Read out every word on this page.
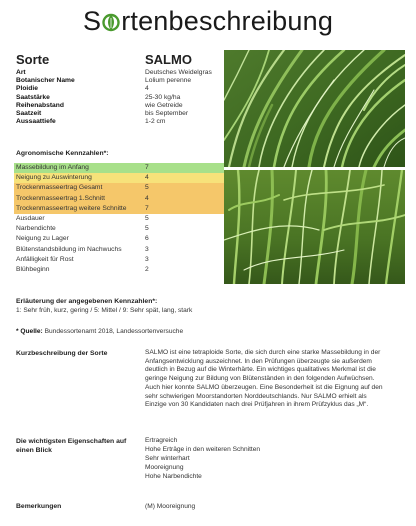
S rtenbeschreibung
Sorte	SALMO
Art	Deutsches Weidelgras
Botanischer Name	Lolium perenne
Ploidie	4
Saatstärke	25-30 kg/ha
Reihenabstand	wie Getreide
Saatzeit	bis September
Aussaattiefe	1-2 cm
Agronomische Kennzahlen*:
Massebildung im Anfang	7
Neigung zu Auswinterung	4
Trockenmasseertrag Gesamt	5
Trockenmasseertrag 1.Schnitt	4
Trockenmasseertrag weitere Schnitte	7
Ausdauer	5
Narbendichte	5
Neigung zu Lager	6
Blütenstandsbildung im Nachwuchs	3
Anfälligkeit für Rost	3
Blühbeginn	2
Erläuterung der angegebenen Kennzahlen*:
1: Sehr früh, kurz, gering / 5: Mittel / 9: Sehr spät, lang, stark
* Quelle: Bundessortenamt 2018, Landessortenversuche
Kurzbeschreibung der Sorte	SALMO ist eine tetraploide Sorte, die sich durch eine starke Massebildung in der
Anfangsentwicklung auszeichnet. In den Prüfungen überzeugte sie außerdem
deutlich in Bezug auf die Winterhärte. Ein wichtiges qualitatives Merkmal ist die
geringe Neigung zur Bildung von Blütenständen in den folgenden Aufwüchsen.
Auch hier konnte SALMO überzeugen. Eine Besonderheit ist die Eignung auf den
sehr schwierigen Moorstandorten Norddeutschlands. Nur SALMO erhielt als
Einzige von 30 Kandidaten nach drei Prüfjahren in ihrem Prüfzyklus das „M“.
Die wichtigsten Eigenschaften auf einen Blick
Ertragreich
Hohe Erträge in den weiteren Schnitten
Sehr winterhart
Mooreignung
Hohe Narbendichte
Bemerkungen	(M) Mooreignung
